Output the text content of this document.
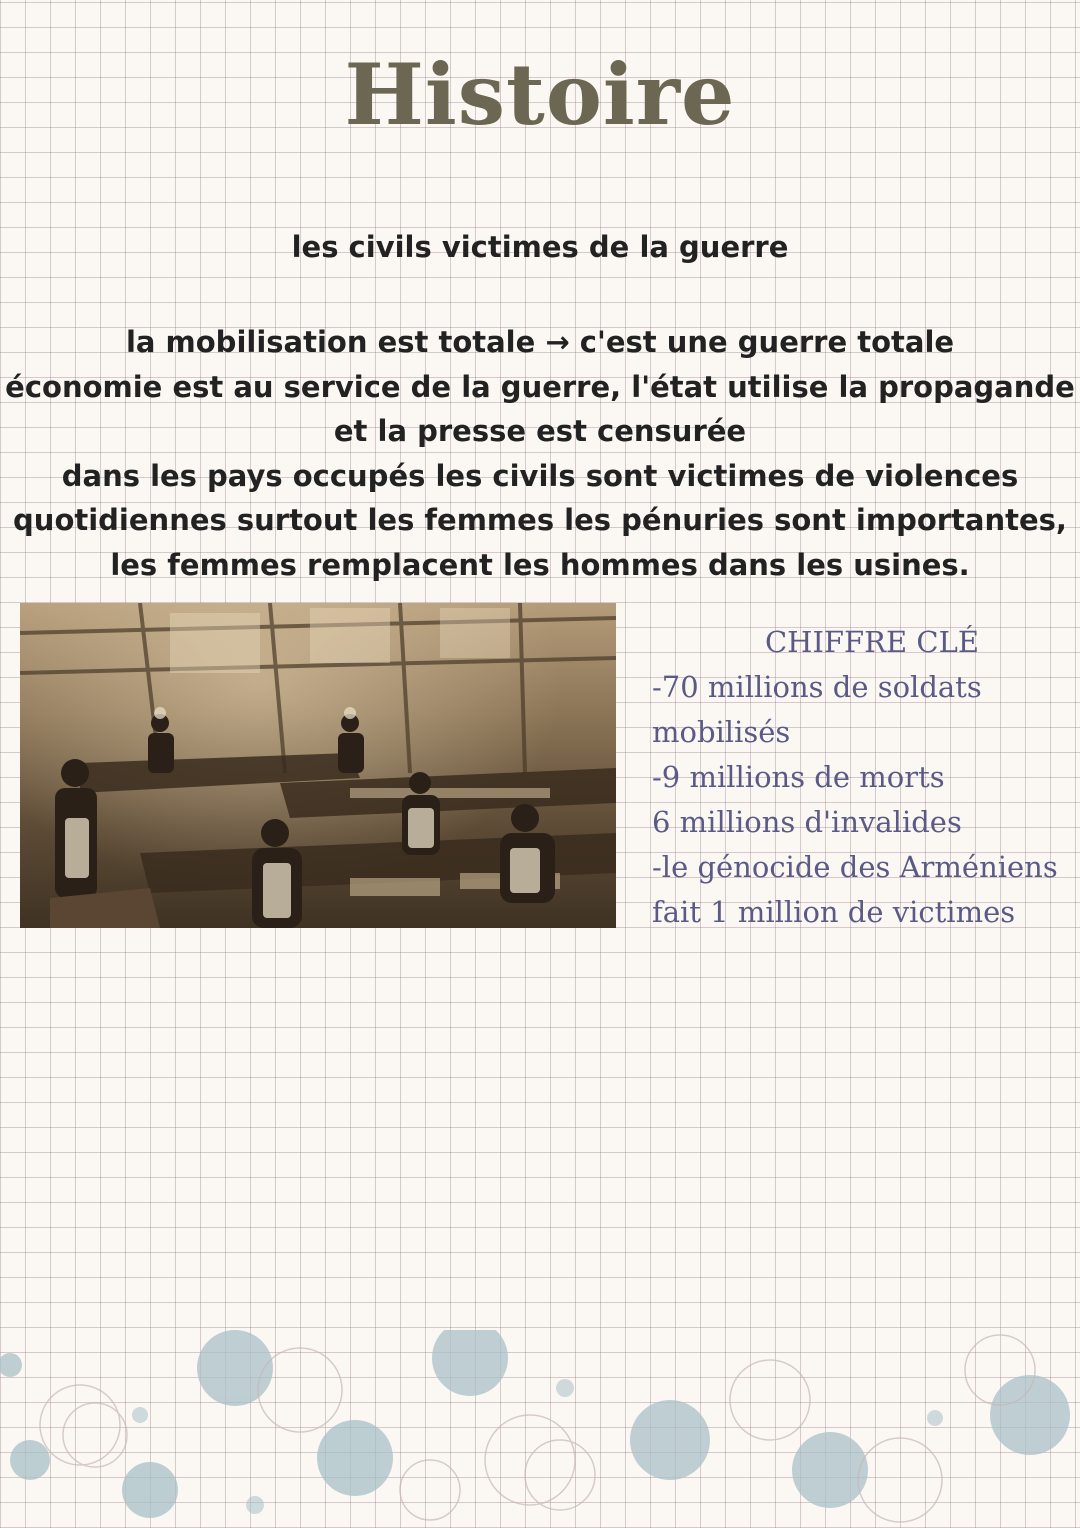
Histoire
les civils victimes de la guerre
la mobilisation est totale → c'est une guerre totale
économie est au service de la guerre, l'état utilise la propagande
et la presse est censurée
dans les pays occupés les civils sont victimes de violences
quotidiennes surtout les femmes les pénuries sont importantes,
les femmes remplacent les hommes dans les usines.
CHIFFRE CLÉ
-70 millions de soldats
mobilisés
-9 millions de morts
6 millions d'invalides
-le génocide des Arméniens
fait 1 million de victimes
